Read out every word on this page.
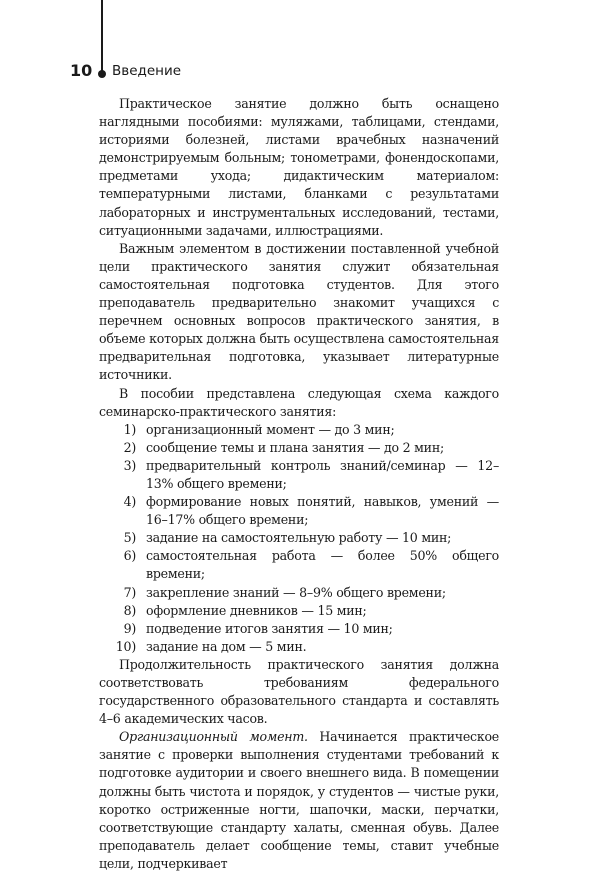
10 Введение

Практическое занятие должно быть оснащено наглядными пособиями: муляжами, таблицами, стендами, историями болезней, листами врачебных назначений демонстрируемым больным; тонометрами, фонендоскопами, предметами ухода; дидактическим материалом: температурными листами, бланками с результатами лабораторных и инструментальных исследований, тестами, ситуационными задачами, иллюстрациями.

Важным элементом в достижении поставленной учебной цели практического занятия служит обязательная самостоятельная подготовка студентов. Для этого преподаватель предварительно знакомит учащихся с перечнем основных вопросов практического занятия, в объеме которых должна быть осуществлена самостоятельная предварительная подготовка, указывает литературные источники.

В пособии представлена следующая схема каждого семинарско-практического занятия:

1) организационный момент — до 3 мин;
2) сообщение темы и плана занятия — до 2 мин;
3) предварительный контроль знаний/семинар — 12–13% общего времени;
4) формирование новых понятий, навыков, умений — 16–17% общего времени;
5) задание на самостоятельную работу — 10 мин;
6) самостоятельная работа — более 50% общего времени;
7) закрепление знаний — 8–9% общего времени;
8) оформление дневников — 15 мин;
9) подведение итогов занятия — 10 мин;
10) задание на дом — 5 мин.

Продолжительность практического занятия должна соответствовать требованиям федерального государственного образовательного стандарта и составлять 4–6 академических часов.

Организационный момент. Начинается практическое занятие с проверки выполнения студентами требований к подготовке аудитории и своего внешнего вида. В помещении должны быть чистота и порядок, у студентов — чистые руки, коротко остриженные ногти, шапочки, маски, перчатки, соответствующие стандарту халаты, сменная обувь. Далее преподаватель делает сообщение темы, ставит учебные цели, подчеркивает
